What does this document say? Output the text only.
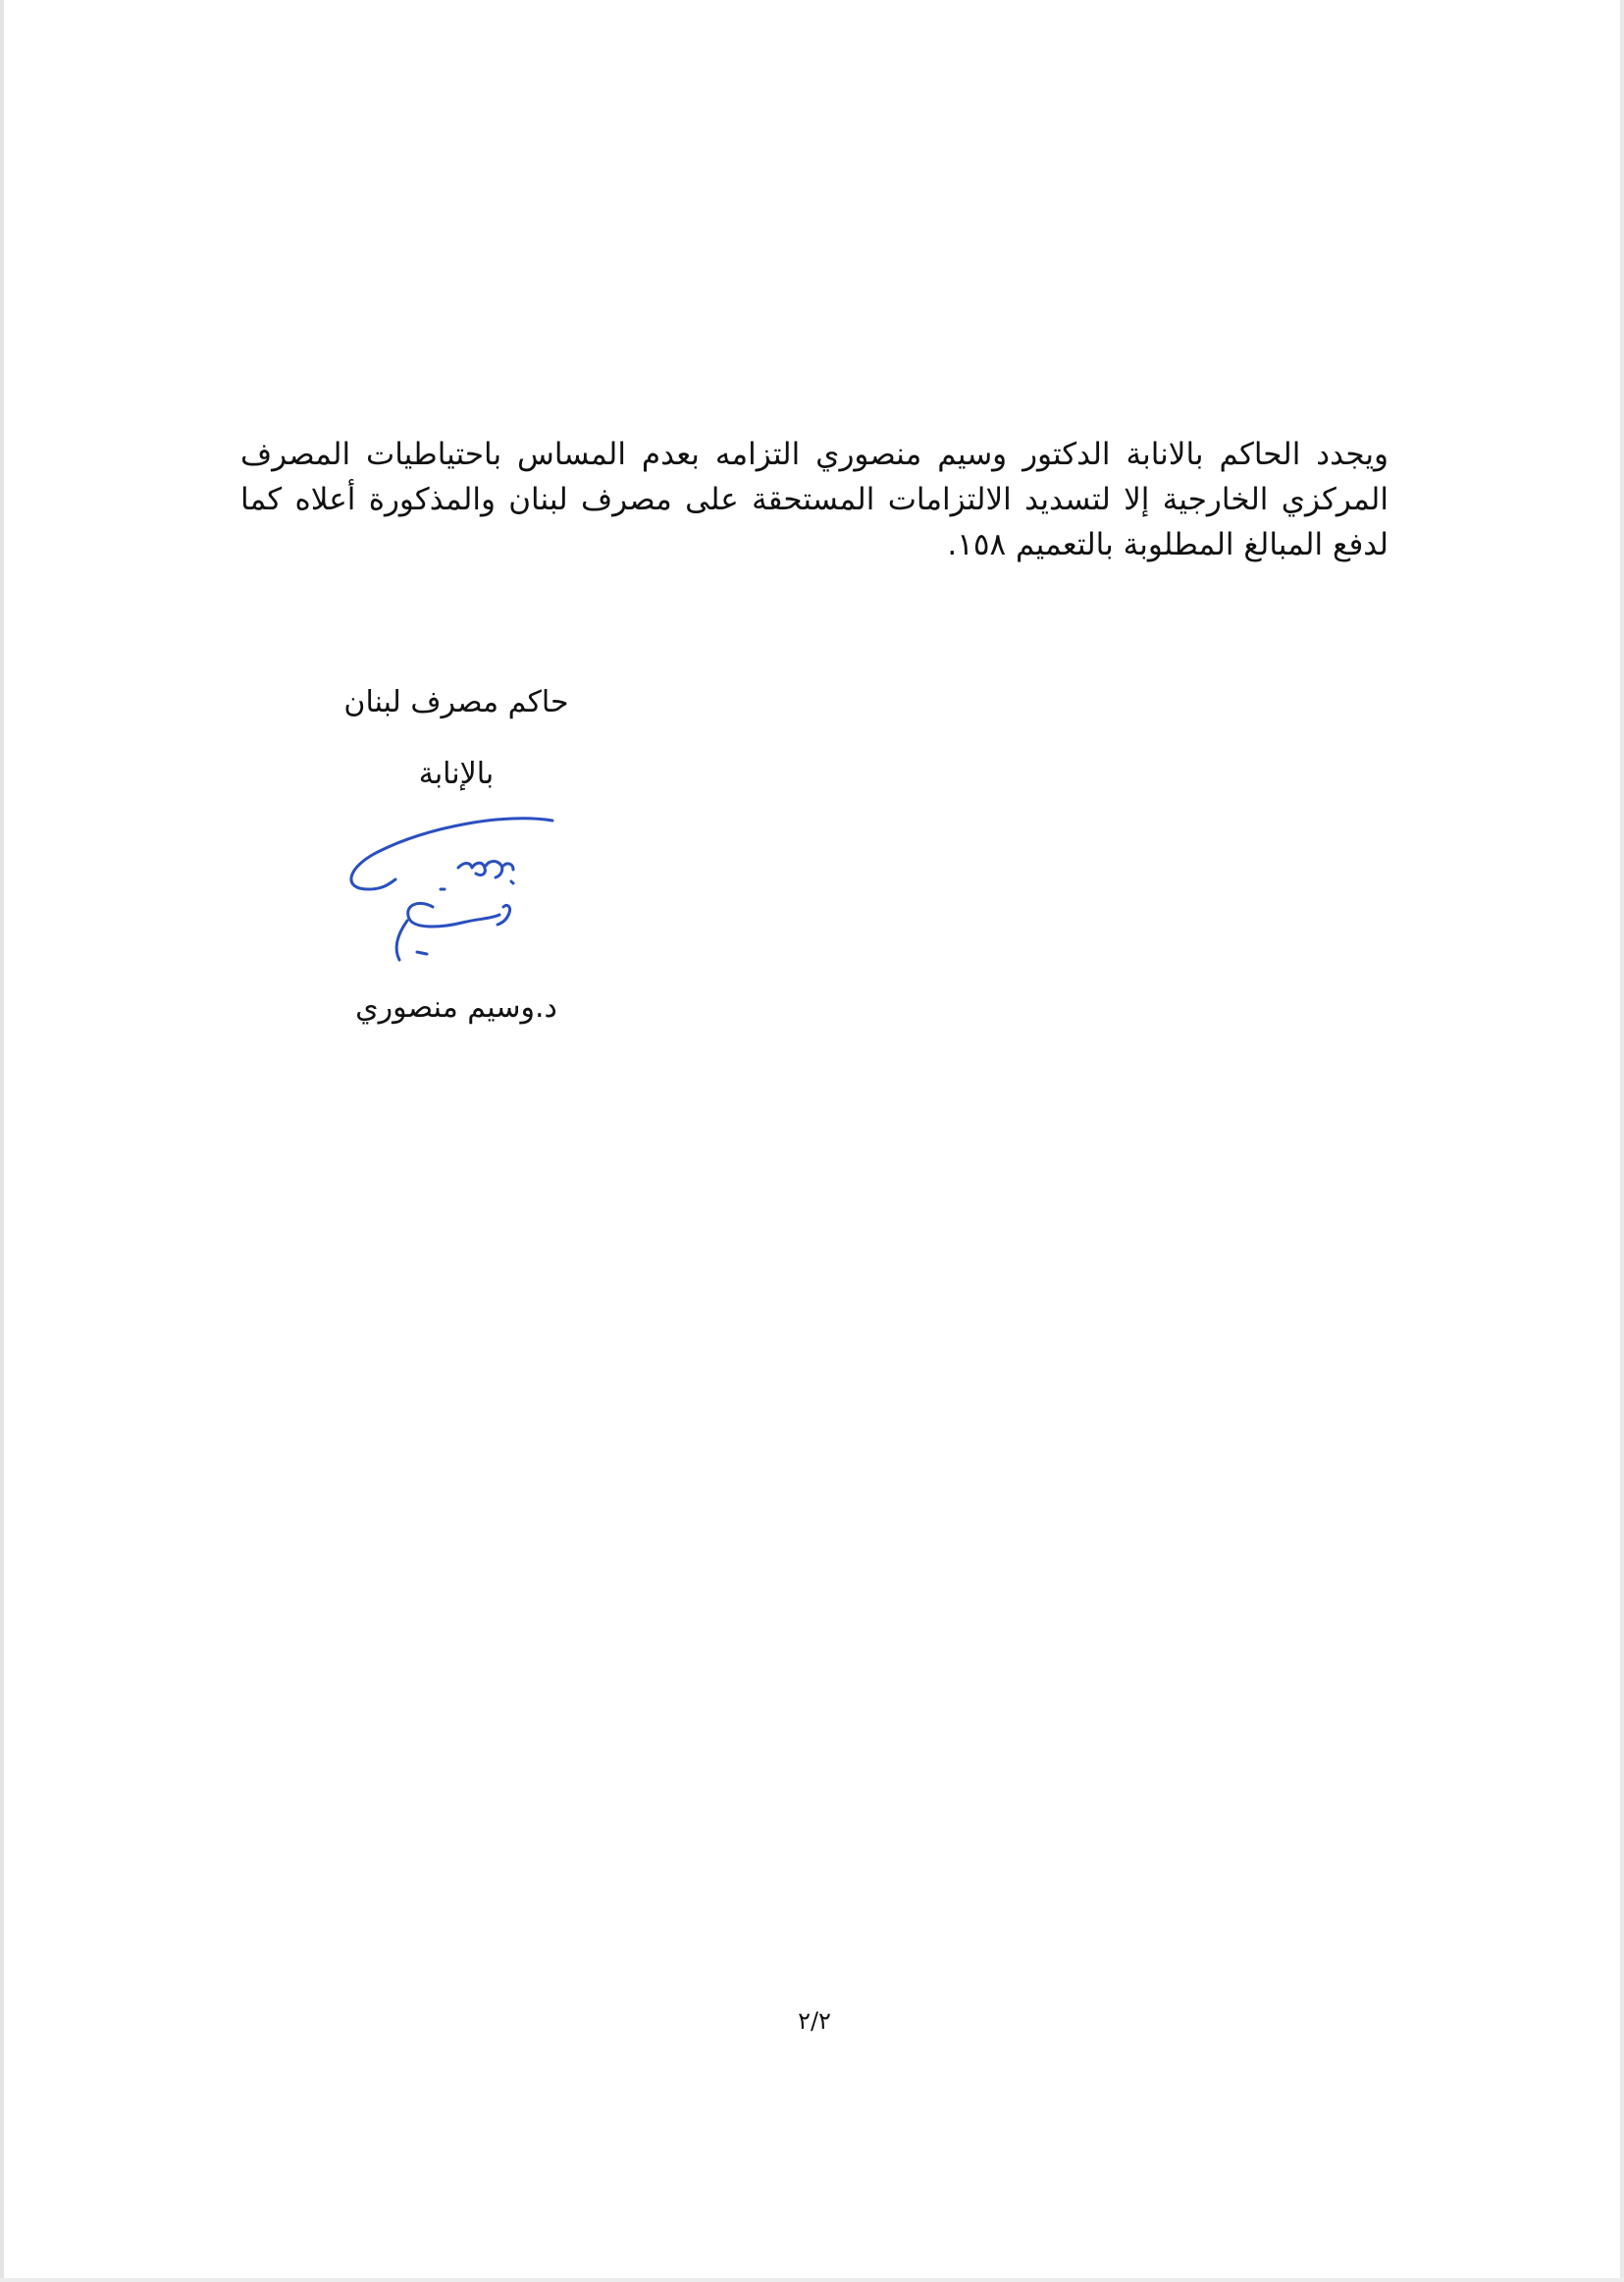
ويجدد الحاكم بالانابة الدكتور وسيم منصوري التزامه بعدم المساس باحتياطيات المصرف المركزي الخارجية إلا لتسديد الالتزامات المستحقة على مصرف لبنان والمذكورة أعلاه كما لدفع المبالغ المطلوبة بالتعميم ١٥٨.

حاكم مصرف لبنان

بالإنابة

د.وسيم منصوري

٢/٢
